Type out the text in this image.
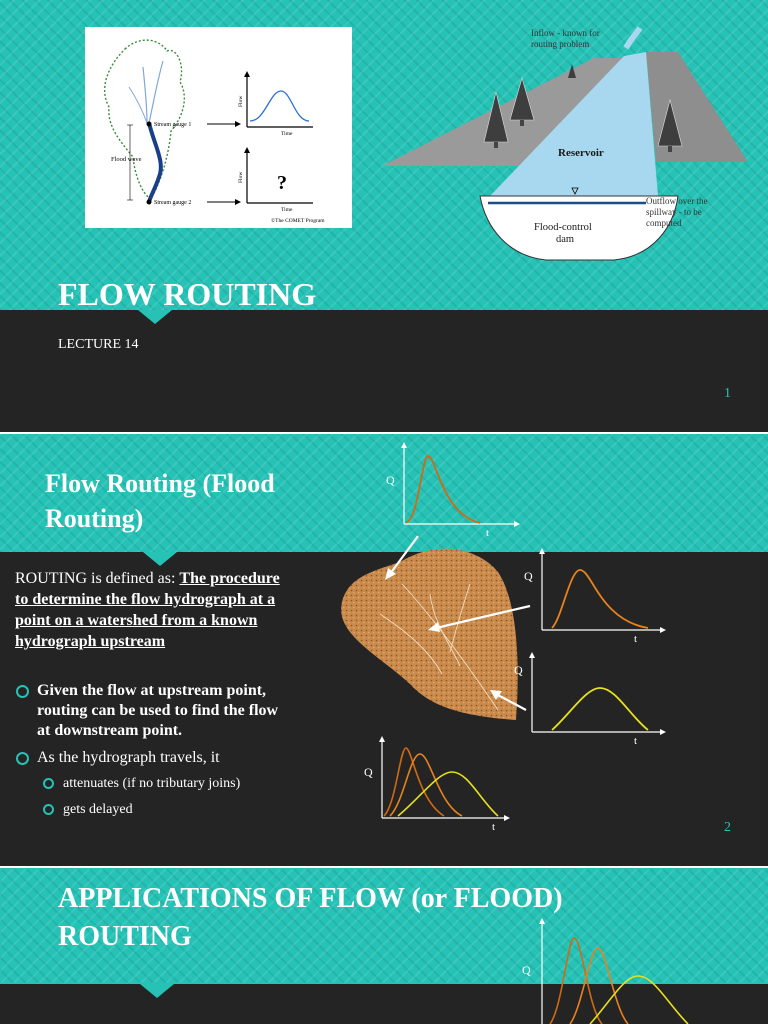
Stream gauge 1
Stream gauge 2
Flood wave
Flow
Time
?
Flow
Time
©The COMET Program
Reservoir
Flood-control
dam
Inflow - known for
routing problem
Outflow over the
spillway - to be
computed
FLOW ROUTING
LECTURE 14
1
Flow Routing (Flood
Routing)
ROUTING is defined as: The procedure to determine the flow hydrograph at a point on a watershed from a known hydrograph upstream
Given the flow at upstream point, routing can be used to find the flow at downstream point.
As the hydrograph travels, it
attenuates (if no tributary joins)
gets delayed
Q
t
Q
t
Q
t
Q
t	2
APPLICATIONS OF FLOW (or FLOOD)
ROUTING
Q
